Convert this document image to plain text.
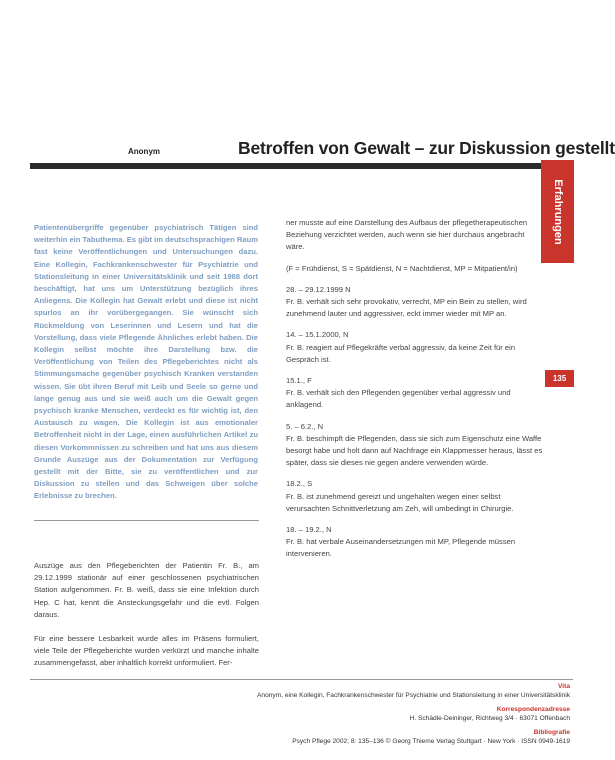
Anonym	Betroffen von Gewalt – zur Diskussion gestellt
Erfahrungen
135

Patientenübergriffe gegenüber psychiatrisch Tätigen sind weiterhin ein Tabuthema. Es gibt im deutschsprachigen Raum fast keine Veröffentlichungen und Untersuchungen dazu. Eine Kollegin, Fachkrankenschwester für Psychiatrie und Stationsleitung in einer Universitätsklinik und seit 1988 dort beschäftigt, hat uns um Unterstützung bezüglich ihres Anliegens. Die Kollegin hat Gewalt erlebt und diese ist nicht spurlos an ihr vorübergegangen. Sie wünscht sich Rückmeldung von Leserinnen und Lesern und hat die Vorstellung, dass viele Pflegende Ähnliches erlebt haben. Die Kollegin selbst möchte ihre Darstellung bzw. die Veröffentlichung von Teilen des Pflegeberichtes nicht als Stimmungsmache gegenüber psychisch Kranken verstanden wissen. Sie übt ihren Beruf mit Leib und Seele so gerne und lange genug aus und sie weiß auch um die Gewalt gegen psychisch kranke Menschen, verdeckt es für wichtig ist, den Austausch zu wagen. Die Kollegin ist aus emotionaler Betroffenheit nicht in der Lage, einen ausführlichen Artikel zu diesen Vorkommnissen zu schreiben und hat uns aus diesem Grunde Auszüge aus der Dokumentation zur Verfügung gestellt mit der Bitte, sie zu veröffentlichen und zur Diskussion zu stellen und das Schweigen über solche Erlebnisse zu brechen.

Auszüge aus den Pflegeberichten der Patientin Fr. B., am 29.12.1999 stationär auf einer geschlossenen psychiatrischen Station aufgenommen. Fr. B. weiß, dass sie eine Infektion durch Hep. C hat, kennt die Ansteckungsgefahr und die evtl. Folgen daraus.

Für eine bessere Lesbarkeit wurde alles im Präsens formuliert, viele Teile der Pflegeberichte wurden verkürzt und manche inhalte zusammengefasst, aber inhaltlich korrekt unformuliert. Fer-

ner musste auf eine Darstellung des Aufbaus der pflegetherapeutischen Beziehung verzichtet werden, auch wenn sie hier durchaus angebracht wäre.

(F = Frühdienst, S = Spätdienst, N = Nachtdienst, MP = Mitpatient/in)

28. – 29.12.1999 N
Fr. B. verhält sich sehr provokativ, verrecht, MP ein Bein zu stellen, wird zunehmend lauter und aggressiver, eckt immer wieder mit MP an.
14. – 15.1.2000, N
Fr. B. reagiert auf Pflegekräfte verbal aggressiv, da keine Zeit für ein Gespräch ist.
15.1., F
Fr. B. verhält sich den Pflegenden gegenüber verbal aggressiv und anklagend.
5. – 6.2., N
Fr. B. beschimpft die Pflegenden, dass sie sich zum Eigenschutz eine Waffe besorgt habe und holt dann auf Nachfrage ein Klappmesser heraus, lässt es später, dass sie dieses nie gegen andere verwenden würde.
18.2., S
Fr. B. ist zunehmend gereizt und ungehalten wegen einer selbst verursachten Schnittverletzung am Zeh, will umbedingt in Chirurgie.
18. – 19.2., N
Fr. B. hat verbale Auseinandersetzungen mit MP, Pflegende müssen intervenieren.
Vita
Anonym, eine Kollegin, Fachkrankenschwester für Psychiatrie und Stationsleitung in einer Universitätsklinik
Korrespondenzadresse
H. Schädle-Deininger, Richtweg 3/4 · 63071 Offenbach
Bibliografie
Psych Pflege 2002; 8: 135–136 © Georg Thieme Verlag Stuttgart · New York · ISSN 0949-1619
